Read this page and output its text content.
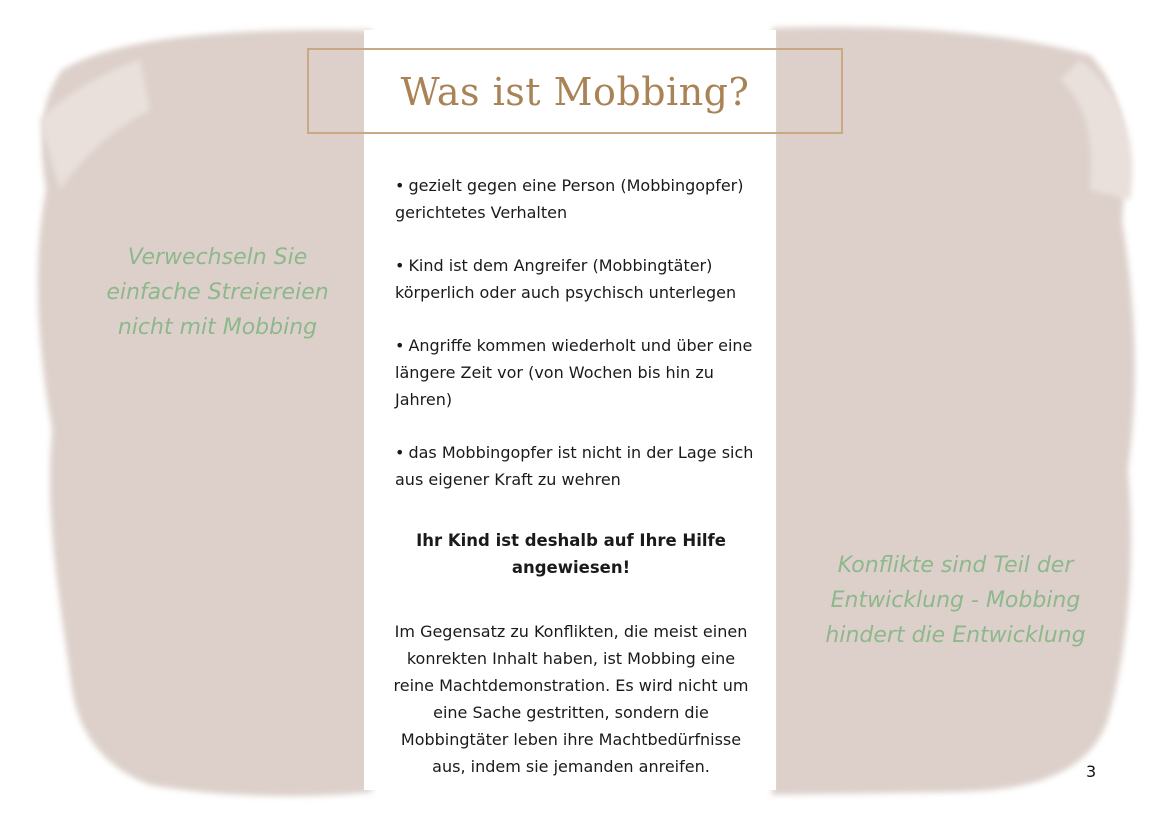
Was ist Mobbing?
Verwechseln Sie einfache Streiereien nicht mit Mobbing
Konflikte sind Teil der Entwicklung - Mobbing hindert die Entwicklung
• gezielt gegen eine Person (Mobbingopfer) gerichtetes Verhalten
• Kind ist dem Angreifer (Mobbingtäter) körperlich oder auch psychisch unterlegen
• Angriffe kommen wiederholt und über eine längere Zeit vor (von Wochen bis hin zu Jahren)
• das Mobbingopfer ist nicht in der Lage sich aus eigener Kraft zu wehren
Ihr Kind ist deshalb auf Ihre Hilfe angewiesen!
Im Gegensatz zu Konflikten, die meist einen konrekten Inhalt haben, ist Mobbing eine reine Machtdemonstration. Es wird nicht um eine Sache gestritten, sondern die Mobbingtäter leben ihre Machtbedürfnisse aus, indem sie jemanden anreifen.	3
